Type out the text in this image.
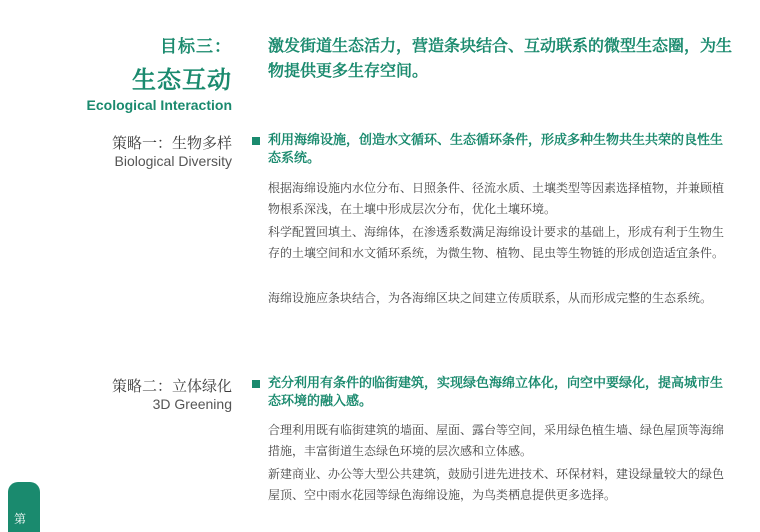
目标三：
生态互动
Ecological Interaction
激发街道生态活力，营造条块结合、互动联系的微型生态圈，为生物提供更多生存空间。
策略一：生物多样
Biological Diversity
利用海绵设施，创造水文循环、生态循环条件，形成多种生物共生共荣的良性生态系统。
根据海绵设施内水位分布、日照条件、径流水质、土壤类型等因素选择植物，并兼顾植物根系深浅，在土壤中形成层次分布，优化土壤环境。
科学配置回填土、海绵体，在渗透系数满足海绵设计要求的基础上，形成有利于生物生存的土壤空间和水文循环系统，为微生物、植物、昆虫等生物链的形成创造适宜条件。
海绵设施应条块结合，为各海绵区块之间建立传质联系，从而形成完整的生态系统。
策略二：立体绿化
3D Greening
充分利用有条件的临街建筑，实现绿色海绵立体化，向空中要绿化，提高城市生态环境的融入感。
合理利用既有临街建筑的墙面、屋面、露台等空间，采用绿色植生墙、绿色屋顶等海绵措施，丰富街道生态绿色环境的层次感和立体感。
新建商业、办公等大型公共建筑，鼓励引进先进技术、环保材料，建设绿量较大的绿色屋顶、空中雨水花园等绿色海绵设施，为鸟类栖息提供更多选择。
第
